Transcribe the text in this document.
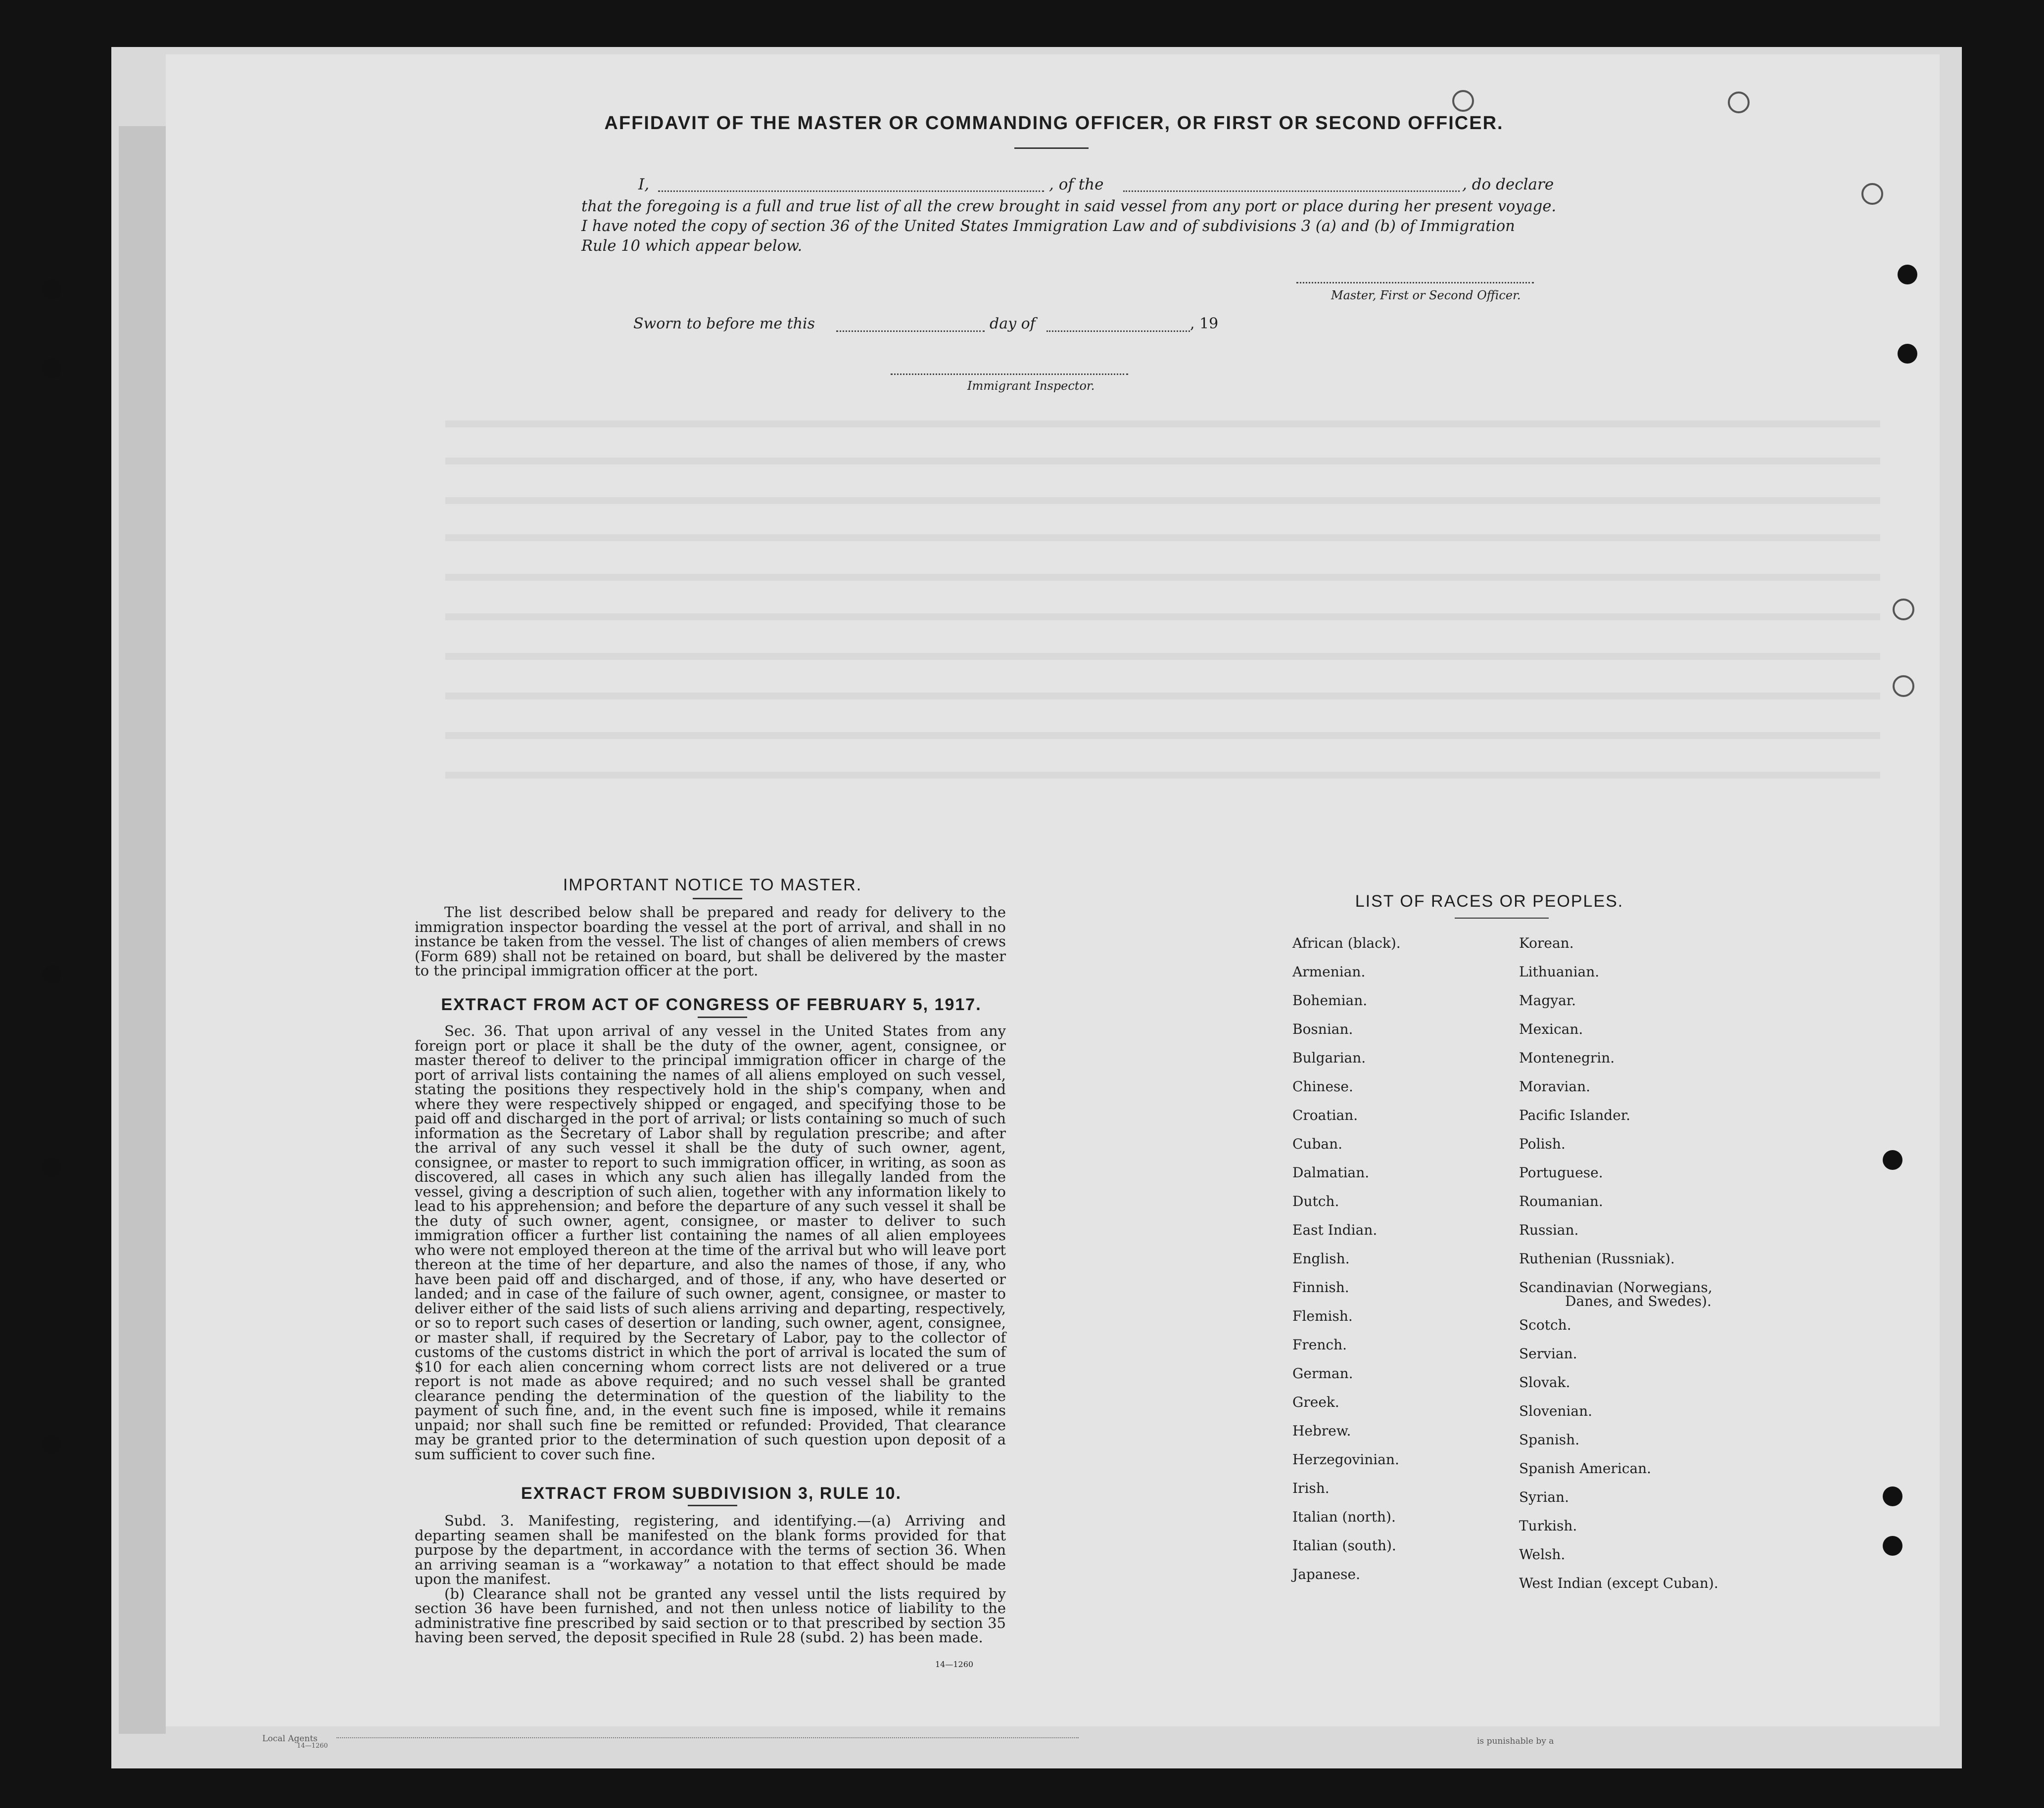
AFFIDAVIT OF THE MASTER OR COMMANDING OFFICER, OR FIRST OR SECOND OFFICER.
I,	, of the	, do declare
that the foregoing is a full and true list of all the crew brought in said vessel from any port or place during her present voyage.
I have noted the copy of section 36 of the United States Immigration Law and of subdivisions 3 (a) and (b) of Immigration
Rule 10 which appear below.
Master, First or Second Officer.
Sworn to before me this	day of	, 19
Immigrant Inspector.
IMPORTANT NOTICE TO MASTER.

The list described below shall be prepared and ready for delivery to the immigration inspector boarding the vessel at the port of arrival, and shall in no instance be taken from the vessel. The list of changes of alien members of crews (Form 689) shall not be retained on board, but shall be delivered by the master to the principal immigration officer at the port.

EXTRACT FROM ACT OF CONGRESS OF FEBRUARY 5, 1917.

Sec. 36. That upon arrival of any vessel in the United States from any foreign port or place it shall be the duty of the owner, agent, consignee, or master thereof to deliver to the principal immigration officer in charge of the port of arrival lists containing the names of all aliens employed on such vessel, stating the positions they respectively hold in the ship's company, when and where they were respectively shipped or engaged, and specifying those to be paid off and discharged in the port of arrival; or lists containing so much of such information as the Secretary of Labor shall by regulation prescribe; and after the arrival of any such vessel it shall be the duty of such owner, agent, consignee, or master to report to such immigration officer, in writing, as soon as discovered, all cases in which any such alien has illegally landed from the vessel, giving a description of such alien, together with any information likely to lead to his apprehension; and before the departure of any such vessel it shall be the duty of such owner, agent, consignee, or master to deliver to such immigration officer a further list containing the names of all alien employees who were not employed thereon at the time of the arrival but who will leave port thereon at the time of her departure, and also the names of those, if any, who have been paid off and discharged, and of those, if any, who have deserted or landed; and in case of the failure of such owner, agent, consignee, or master to deliver either of the said lists of such aliens arriving and departing, respectively, or so to report such cases of desertion or landing, such owner, agent, consignee, or master shall, if required by the Secretary of Labor, pay to the collector of customs of the customs district in which the port of arrival is located the sum of $10 for each alien concerning whom correct lists are not delivered or a true report is not made as above required; and no such vessel shall be granted clearance pending the determination of the question of the liability to the payment of such fine, and, in the event such fine is imposed, while it remains unpaid; nor shall such fine be remitted or refunded: Provided, That clearance may be granted prior to the determination of such question upon deposit of a sum sufficient to cover such fine.

EXTRACT FROM SUBDIVISION 3, RULE 10.

Subd. 3. Manifesting, registering, and identifying.—(a) Arriving and departing seamen shall be manifested on the blank forms provided for that purpose by the department, in accordance with the terms of section 36. When an arriving seaman is a “workaway” a notation to that effect should be made upon the manifest.

(b) Clearance shall not be granted any vessel until the lists required by section 36 have been furnished, and not then unless notice of liability to the administrative fine prescribed by said section or to that prescribed by section 35 having been served, the deposit specified in Rule 28 (subd. 2) has been made.

14—1260
LIST OF RACES OR PEOPLES.
African (black).
Armenian.
Bohemian.
Bosnian.
Bulgarian.
Chinese.
Croatian.
Cuban.
Dalmatian.
Dutch.
East Indian.
English.
Finnish.
Flemish.
French.
German.
Greek.
Hebrew.
Herzegovinian.
Irish.
Italian (north).
Italian (south).
Japanese.
Korean.
Lithuanian.
Magyar.
Mexican.
Montenegrin.
Moravian.
Pacific Islander.
Polish.
Portuguese.
Roumanian.
Russian.
Ruthenian (Russniak).
Scandinavian (Norwegians,
Danes, and Swedes).
Scotch.
Servian.
Slovak.
Slovenian.
Spanish.
Spanish American.
Syrian.
Turkish.
Welsh.
West Indian (except Cuban).
Local Agents
14—1260	is punishable by a
